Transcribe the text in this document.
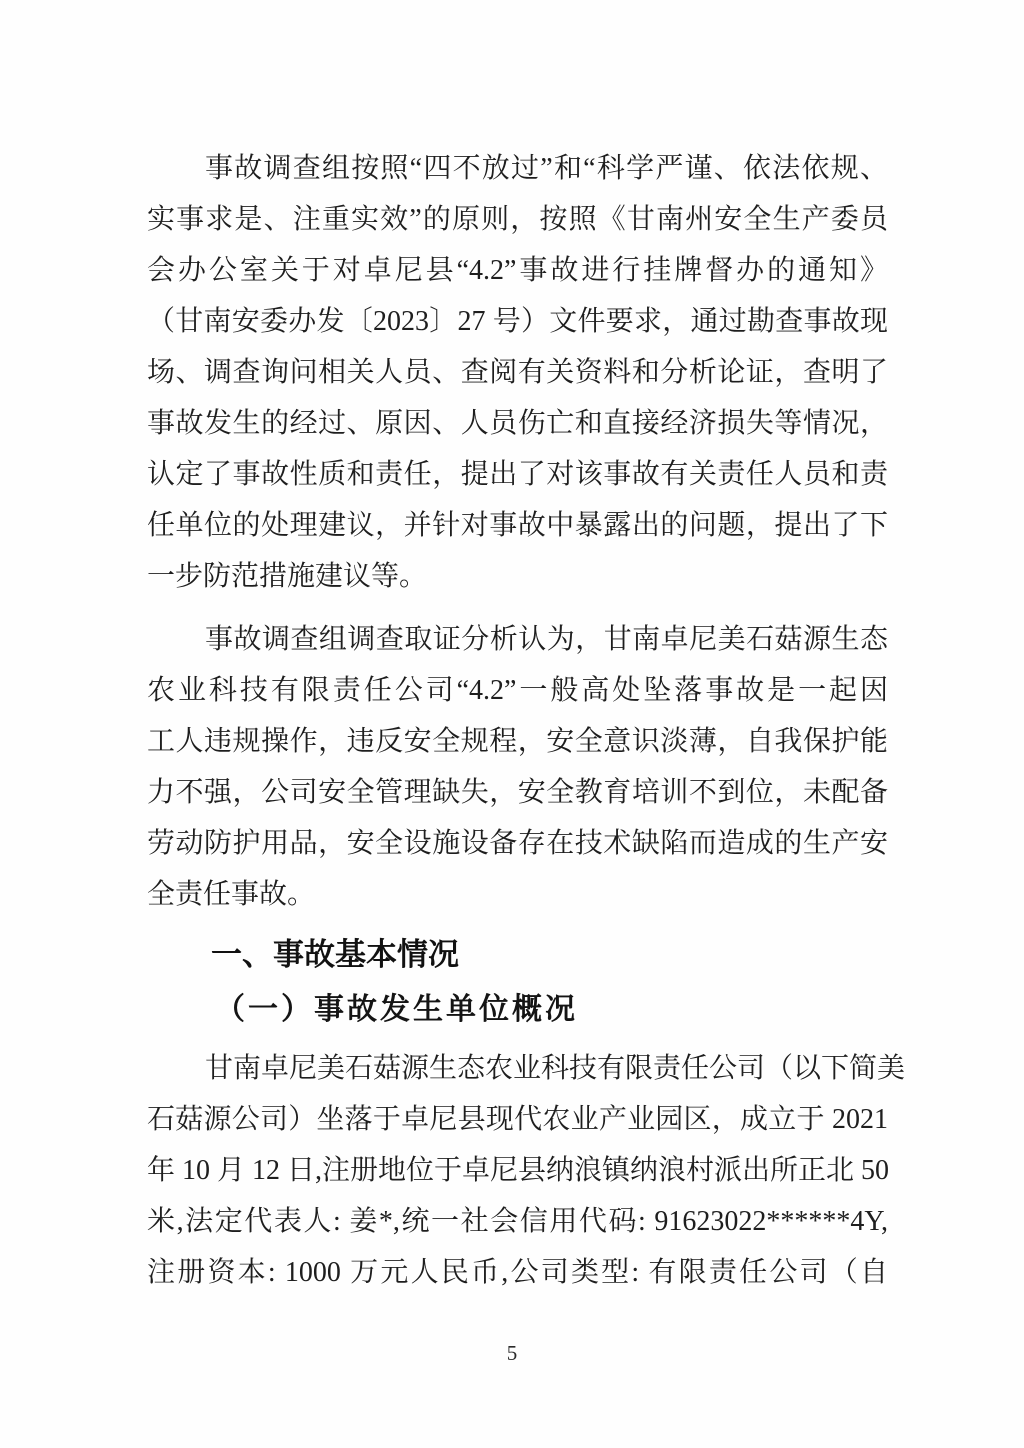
事故调查组按照“四不放过”和“科学严谨、依法依规、
实事求是、注重实效”的原则，按照《甘南州安全生产委员
会办公室关于对卓尼县“4.2”事故进行挂牌督办的通知》
（甘南安委办发〔2023〕27 号）文件要求，通过勘查事故现
场、调查询问相关人员、查阅有关资料和分析论证，查明了
事故发生的经过、原因、人员伤亡和直接经济损失等情况，
认定了事故性质和责任，提出了对该事故有关责任人员和责
任单位的处理建议，并针对事故中暴露出的问题，提出了下
一步防范措施建议等。
事故调查组调查取证分析认为，甘南卓尼美石菇源生态
农业科技有限责任公司“4.2”一般高处坠落事故是一起因
工人违规操作，违反安全规程，安全意识淡薄，自我保护能
力不强，公司安全管理缺失，安全教育培训不到位，未配备
劳动防护用品，安全设施设备存在技术缺陷而造成的生产安
全责任事故。
一、事故基本情况
（一）事故发生单位概况
甘南卓尼美石菇源生态农业科技有限责任公司（以下简美
石菇源公司）坐落于卓尼县现代农业产业园区，成立于 2021
年 10 月 12 日,注册地位于卓尼县纳浪镇纳浪村派出所正北 50
米,法定代表人: 姜*,统一社会信用代码: 91623022******4Y,
注册资本: 1000 万元人民币,公司类型: 有限责任公司（自
5
